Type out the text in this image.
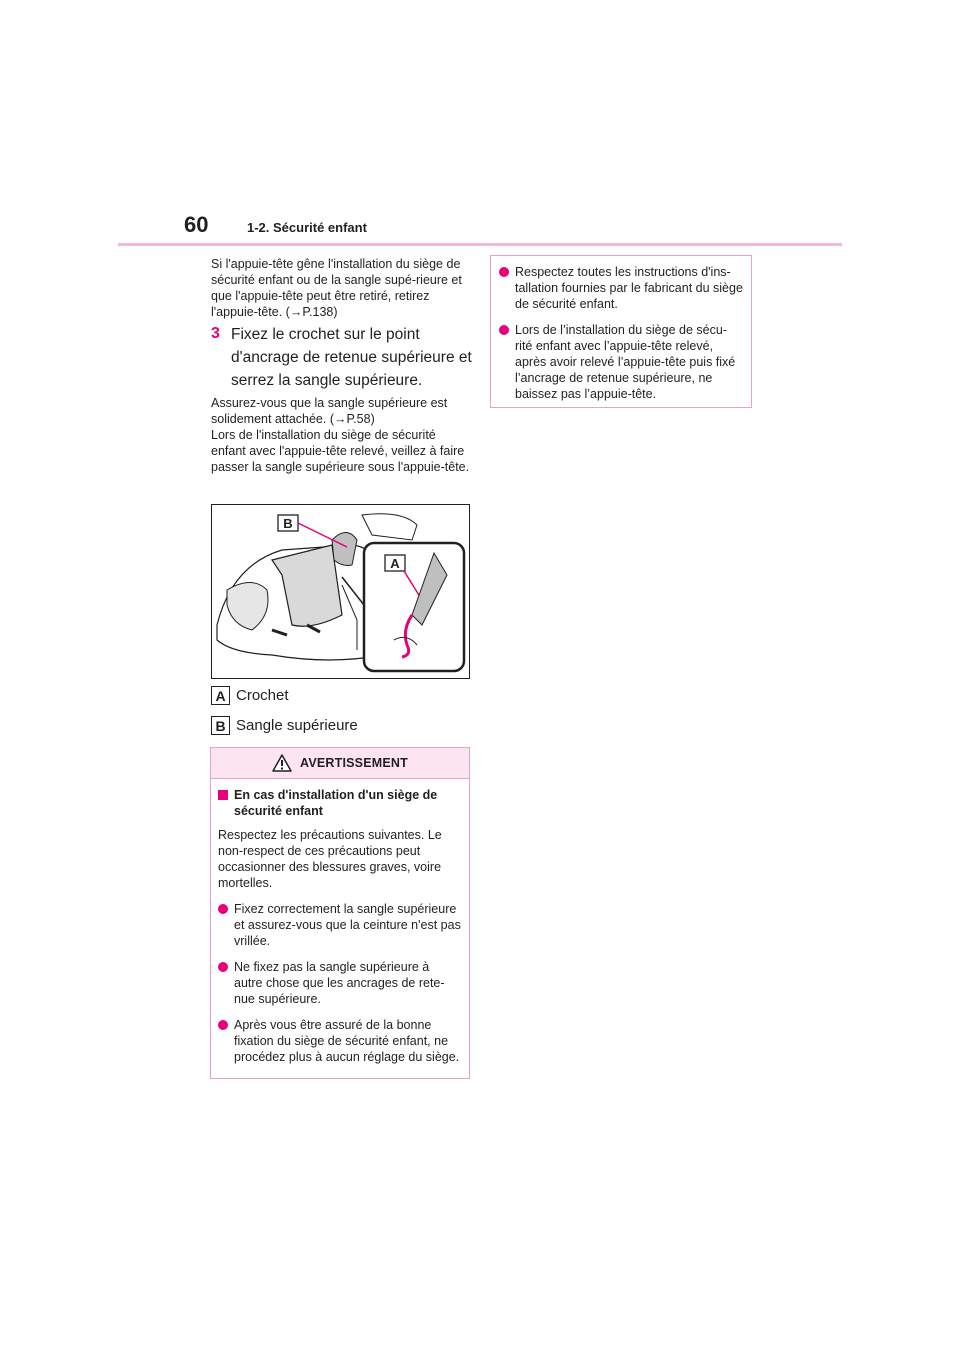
60	1-2. Sécurité enfant

Si l'appuie-tête gêne l'installation du siège de sécurité enfant ou de la sangle supé-rieure et que l'appuie-tête peut être retiré, retirez l'appuie-tête. (→P.138)

3 Fixez le crochet sur le point d'ancrage de retenue supérieure et serrez la sangle supérieure.

Assurez-vous que la sangle supérieure est solidement attachée. (→P.58)

Lors de l'installation du siège de sécurité enfant avec l'appuie-tête relevé, veillez à faire passer la sangle supérieure sous l'appuie-tête.

B
A
A Crochet
B Sangle supérieure
AVERTISSEMENT
En cas d'installation d'un siège de sécurité enfant

Respectez les précautions suivantes. Le non-respect de ces précautions peut occasionner des blessures graves, voire mortelles.

Fixez correctement la sangle supérieure et assurez-vous que la ceinture n'est pas vrillée.
Ne fixez pas la sangle supérieure à autre chose que les ancrages de rete-nue supérieure.
Après vous être assuré de la bonne fixation du siège de sécurité enfant, ne procédez plus à aucun réglage du siège.
Respectez toutes les instructions d'ins-tallation fournies par le fabricant du siège de sécurité enfant.
Lors de l’installation du siège de sécu-rité enfant avec l’appuie-tête relevé, après avoir relevé l’appuie-tête puis fixé l’ancrage de retenue supérieure, ne baissez pas l’appuie-tête.
